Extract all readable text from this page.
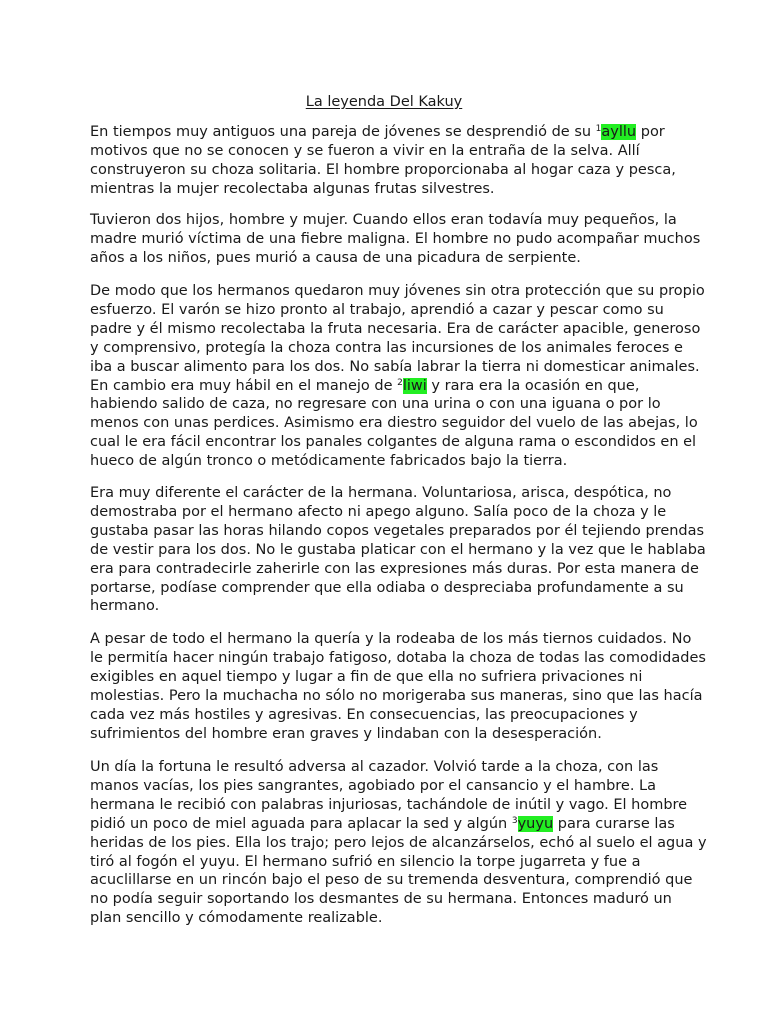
La leyenda Del Kakuy
En tiempos muy antiguos una pareja de jóvenes se desprendió de su $^1$ayllu por
motivos que no se conocen y se fueron a vivir en la entraña de la selva. Allí
construyeron su choza solitaria. El hombre proporcionaba al hogar caza y pesca,
mientras la mujer recolectaba algunas frutas silvestres.
Tuvieron dos hijos, hombre y mujer. Cuando ellos eran todavía muy pequeños, la
madre murió víctima de una fiebre maligna. El hombre no pudo acompañar muchos
años a los niños, pues murió a causa de una picadura de serpiente.
De modo que los hermanos quedaron muy jóvenes sin otra protección que su propio
esfuerzo. El varón se hizo pronto al trabajo, aprendió a cazar y pescar como su
padre y él mismo recolectaba la fruta necesaria. Era de carácter apacible, generoso
y comprensivo, protegía la choza contra las incursiones de los animales feroces e
iba a buscar alimento para los dos. No sabía labrar la tierra ni domesticar animales.
En cambio era muy hábil en el manejo de $^2$liwi y rara era la ocasión en que,
habiendo salido de caza, no regresare con una urina o con una iguana o por lo
menos con unas perdices. Asimismo era diestro seguidor del vuelo de las abejas, lo
cual le era fácil encontrar los panales colgantes de alguna rama o escondidos en el
hueco de algún tronco o metódicamente fabricados bajo la tierra.
Era muy diferente el carácter de la hermana. Voluntariosa, arisca, despótica, no
demostraba por el hermano afecto ni apego alguno. Salía poco de la choza y le
gustaba pasar las horas hilando copos vegetales preparados por él tejiendo prendas
de vestir para los dos. No le gustaba platicar con el hermano y la vez que le hablaba
era para contradecirle zaherirle con las expresiones más duras. Por esta manera de
portarse, podíase comprender que ella odiaba o despreciaba profundamente a su
hermano.
A pesar de todo el hermano la quería y la rodeaba de los más tiernos cuidados. No
le permitía hacer ningún trabajo fatigoso, dotaba la choza de todas las comodidades
exigibles en aquel tiempo y lugar a fin de que ella no sufriera privaciones ni
molestias. Pero la muchacha no sólo no morigeraba sus maneras, sino que las hacía
cada vez más hostiles y agresivas. En consecuencias, las preocupaciones y
sufrimientos del hombre eran graves y lindaban con la desesperación.
Un día la fortuna le resultó adversa al cazador. Volvió tarde a la choza, con las
manos vacías, los pies sangrantes, agobiado por el cansancio y el hambre. La
hermana le recibió con palabras injuriosas, tachándole de inútil y vago. El hombre
pidió un poco de miel aguada para aplacar la sed y algún $^3$yuyu para curarse las
heridas de los pies. Ella los trajo; pero lejos de alcanzárselos, echó al suelo el agua y
tiró al fogón el yuyu. El hermano sufrió en silencio la torpe jugarreta y fue a
acuclillarse en un rincón bajo el peso de su tremenda desventura, comprendió que
no podía seguir soportando los desmantes de su hermana. Entonces maduró un
plan sencillo y cómodamente realizable.
